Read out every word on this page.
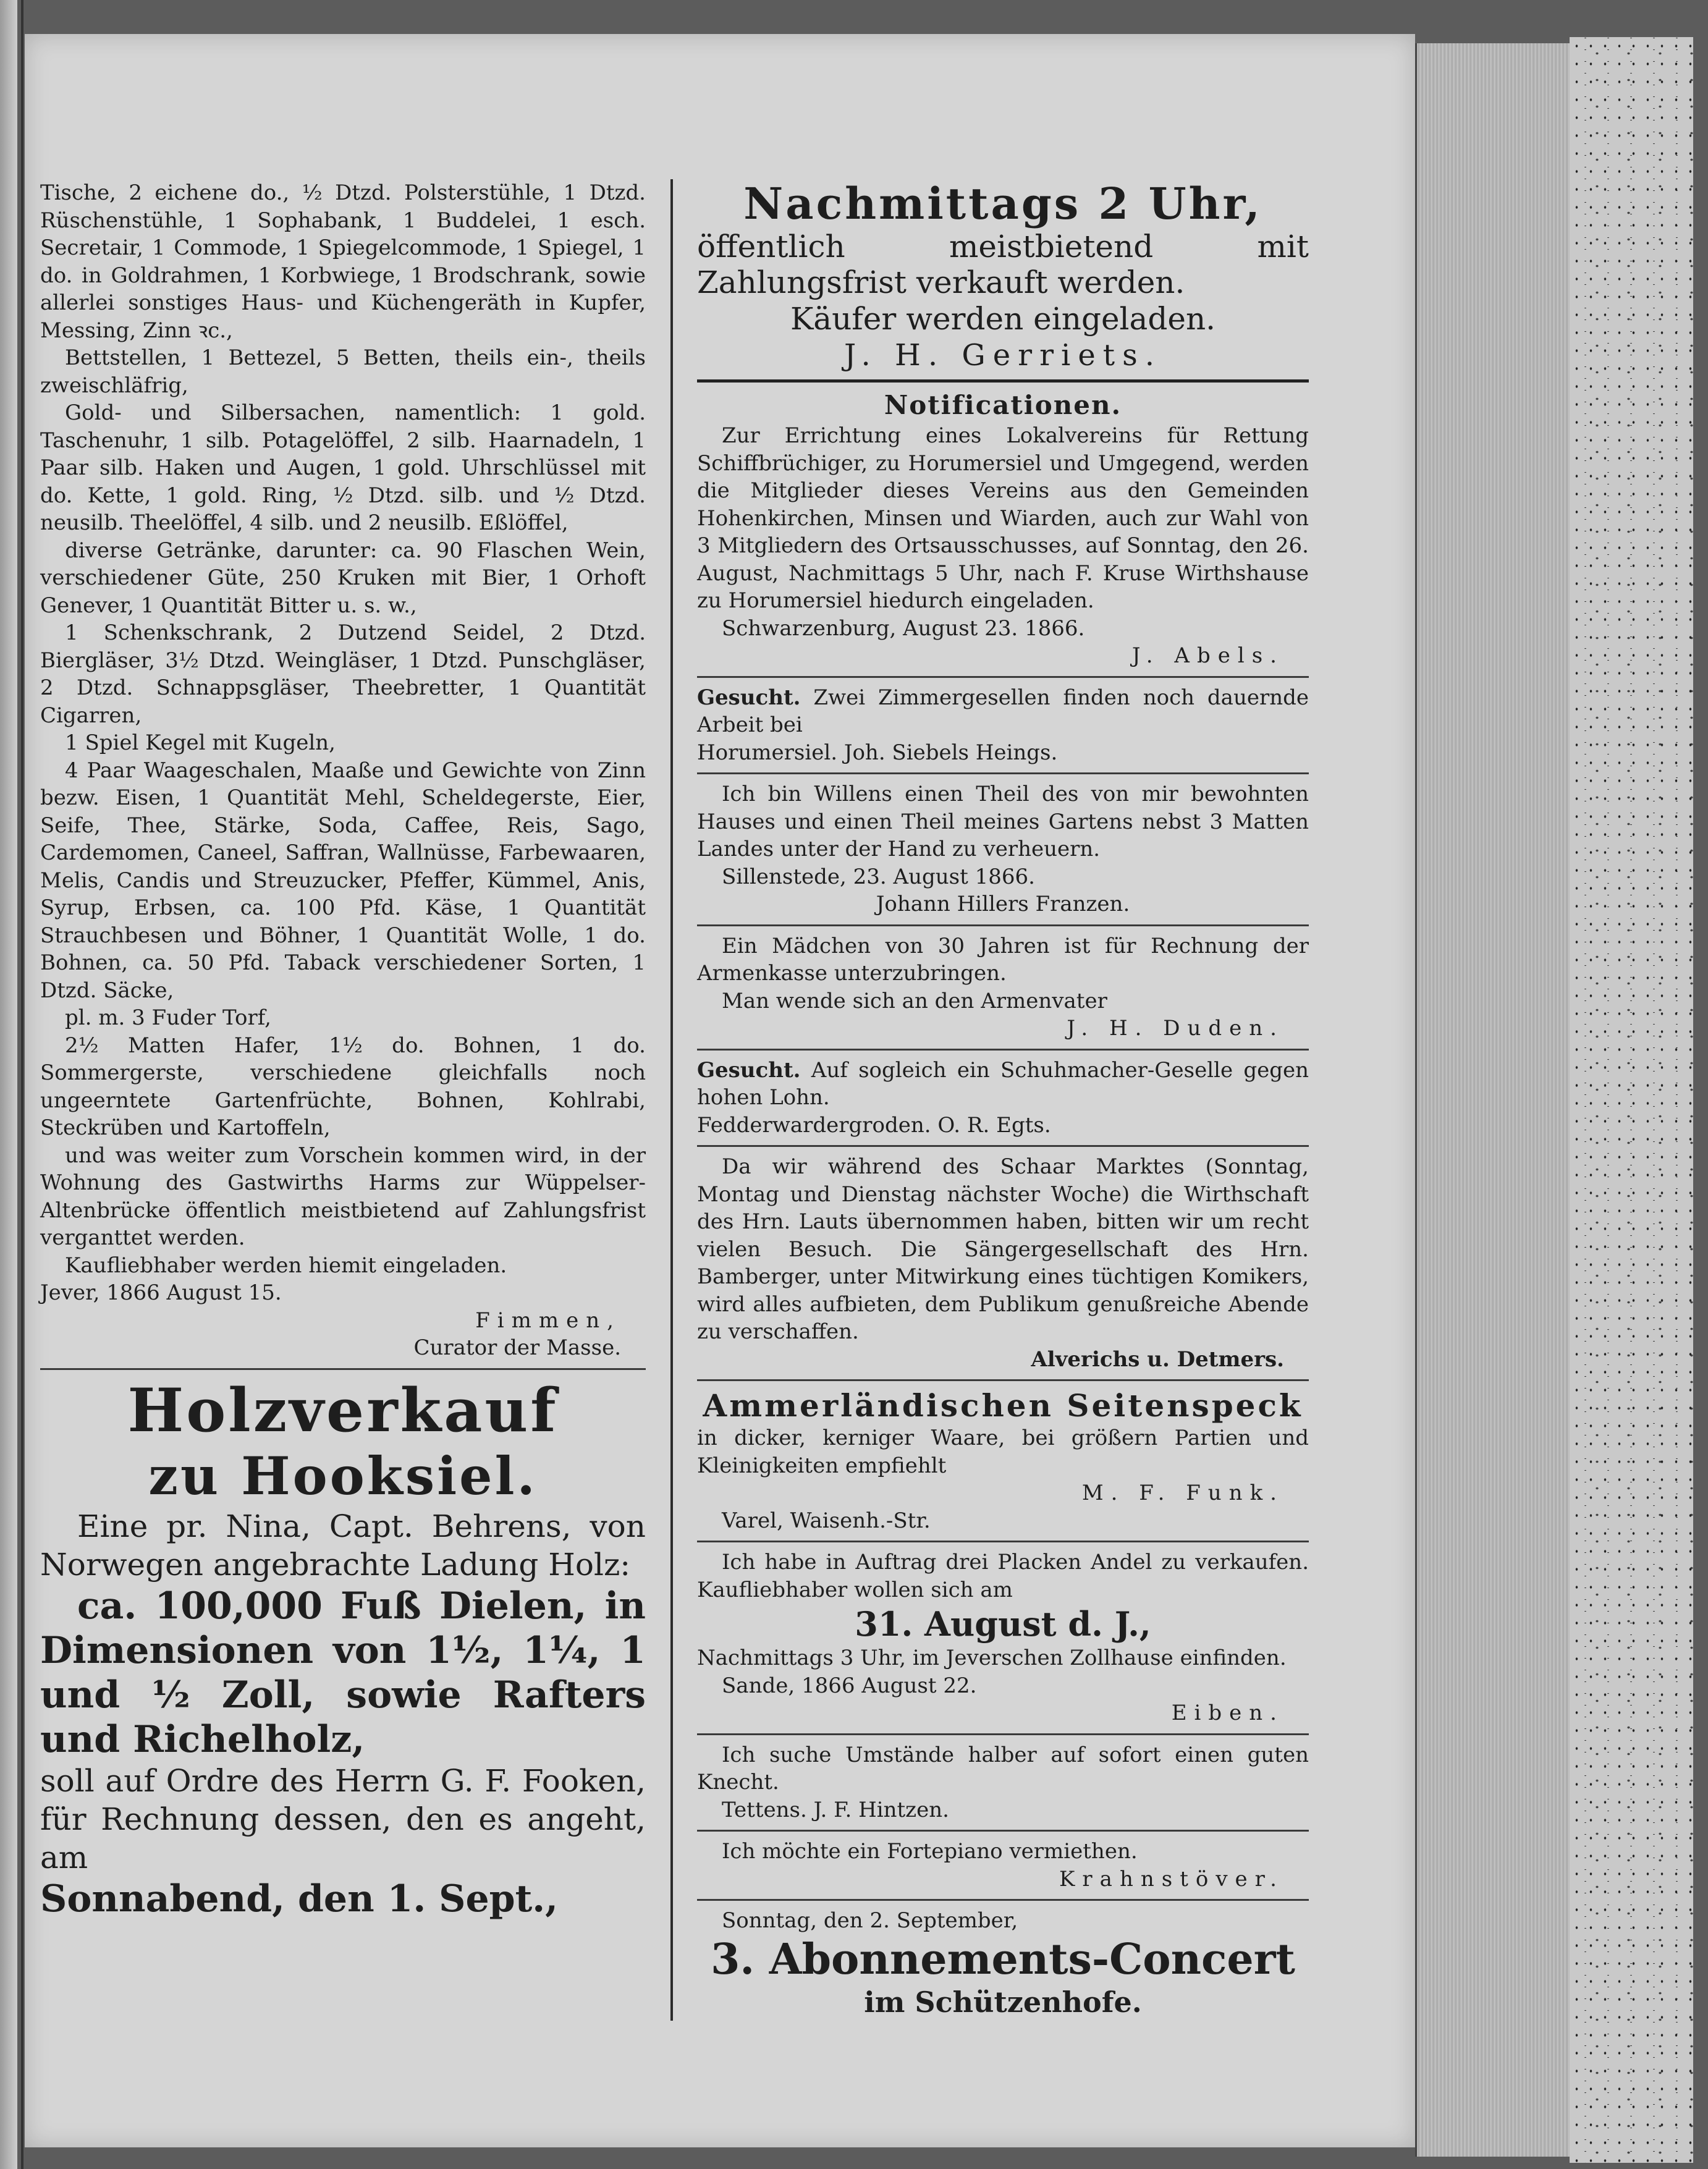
Tische, 2 eichene do., ½ Dtzd. Polsterstühle, 1 Dtzd. Rüschenstühle, 1 Sophabank, 1 Buddelei, 1 esch. Secretair, 1 Commode, 1 Spiegelcommode, 1 Spiegel, 1 do. in Goldrahmen, 1 Korbwiege, 1 Brodschrank, sowie allerlei sonstiges Haus- und Küchengeräth in Kupfer, Messing, Zinn ꝛc.,

Bettstellen, 1 Bettezel, 5 Betten, theils ein-, theils zweischläfrig,

Gold- und Silbersachen, namentlich: 1 gold. Taschenuhr, 1 silb. Potagelöffel, 2 silb. Haarnadeln, 1 Paar silb. Haken und Augen, 1 gold. Uhrschlüssel mit do. Kette, 1 gold. Ring, ½ Dtzd. silb. und ½ Dtzd. neusilb. Theelöffel, 4 silb. und 2 neusilb. Eßlöffel,

diverse Getränke, darunter: ca. 90 Flaschen Wein, verschiedener Güte, 250 Kruken mit Bier, 1 Orhoft Genever, 1 Quantität Bitter u. s. w.,

1 Schenkschrank, 2 Dutzend Seidel, 2 Dtzd. Biergläser, 3½ Dtzd. Weingläser, 1 Dtzd. Punschgläser, 2 Dtzd. Schnappsgläser, Theebretter, 1 Quantität Cigarren,

1 Spiel Kegel mit Kugeln,

4 Paar Waageschalen, Maaße und Gewichte von Zinn bezw. Eisen, 1 Quantität Mehl, Scheldegerste, Eier, Seife, Thee, Stärke, Soda, Caffee, Reis, Sago, Cardemomen, Caneel, Saffran, Wallnüsse, Farbewaaren, Melis, Candis und Streuzucker, Pfeffer, Kümmel, Anis, Syrup, Erbsen, ca. 100 Pfd. Käse, 1 Quantität Strauchbesen und Böhner, 1 Quantität Wolle, 1 do. Bohnen, ca. 50 Pfd. Taback verschiedener Sorten, 1 Dtzd. Säcke,

pl. m. 3 Fuder Torf,

2½ Matten Hafer, 1½ do. Bohnen, 1 do. Sommergerste, verschiedene gleichfalls noch ungeerntete Gartenfrüchte, Bohnen, Kohlrabi, Steckrüben und Kartoffeln,

und was weiter zum Vorschein kommen wird, in der Wohnung des Gastwirths Harms zur Wüppelser-Altenbrücke öffentlich meistbietend auf Zahlungsfrist verganttet werden.

Kaufliebhaber werden hiemit eingeladen.

Jever, 1866 August 15.

Fimmen,

Curator der Masse.

Holzverkauf

zu Hooksiel.

Eine pr. Nina, Capt. Behrens, von Norwegen angebrachte Ladung Holz:

ca. 100,000 Fuß Dielen, in Dimensionen von 1½, 1¼, 1 und ½ Zoll, sowie Rafters und Richelholz,

soll auf Ordre des Herrn G. F. Fooken, für Rechnung dessen, den es angeht, am

Sonnabend, den 1. Sept.,

Nachmittags 2 Uhr,

öffentlich meistbietend mit Zahlungsfrist verkauft werden.

Käufer werden eingeladen.

J. H. Gerriets.

Notificationen.

Zur Errichtung eines Lokalvereins für Rettung Schiffbrüchiger, zu Horumersiel und Umgegend, werden die Mitglieder dieses Vereins aus den Gemeinden Hohenkirchen, Minsen und Wiarden, auch zur Wahl von 3 Mitgliedern des Ortsausschusses, auf Sonntag, den 26. August, Nachmittags 5 Uhr, nach F. Kruse Wirthshause zu Horumersiel hiedurch eingeladen.

Schwarzenburg, August 23. 1866.

J. Abels.

Gesucht. Zwei Zimmergesellen finden noch dauernde Arbeit bei

Horumersiel. Joh. Siebels Heings.

Ich bin Willens einen Theil des von mir bewohnten Hauses und einen Theil meines Gartens nebst 3 Matten Landes unter der Hand zu verheuern.

Sillenstede, 23. August 1866.

Johann Hillers Franzen.

Ein Mädchen von 30 Jahren ist für Rechnung der Armenkasse unterzubringen.

Man wende sich an den Armenvater

J. H. Duden.

Gesucht. Auf sogleich ein Schuhmacher-Geselle gegen hohen Lohn.

Fedderwardergroden. O. R. Egts.

Da wir während des Schaar Marktes (Sonntag, Montag und Dienstag nächster Woche) die Wirthschaft des Hrn. Lauts übernommen haben, bitten wir um recht vielen Besuch. Die Sängergesellschaft des Hrn. Bamberger, unter Mitwirkung eines tüchtigen Komikers, wird alles aufbieten, dem Publikum genußreiche Abende zu verschaffen.

Alverichs u. Detmers.

Ammerländischen Seitenspeck

in dicker, kerniger Waare, bei größern Partien und Kleinigkeiten empfiehlt

M. F. Funk.

Varel, Waisenh.-Str.

Ich habe in Auftrag drei Placken Andel zu verkaufen. Kaufliebhaber wollen sich am

31. August d. J.,

Nachmittags 3 Uhr, im Jeverschen Zollhause einfinden.

Sande, 1866 August 22.

Eiben.

Ich suche Umstände halber auf sofort einen guten Knecht.

Tettens. J. F. Hintzen.

Ich möchte ein Fortepiano vermiethen.

Krahnstöver.

Sonntag, den 2. September,

3. Abonnements-Concert

im Schützenhofe.
